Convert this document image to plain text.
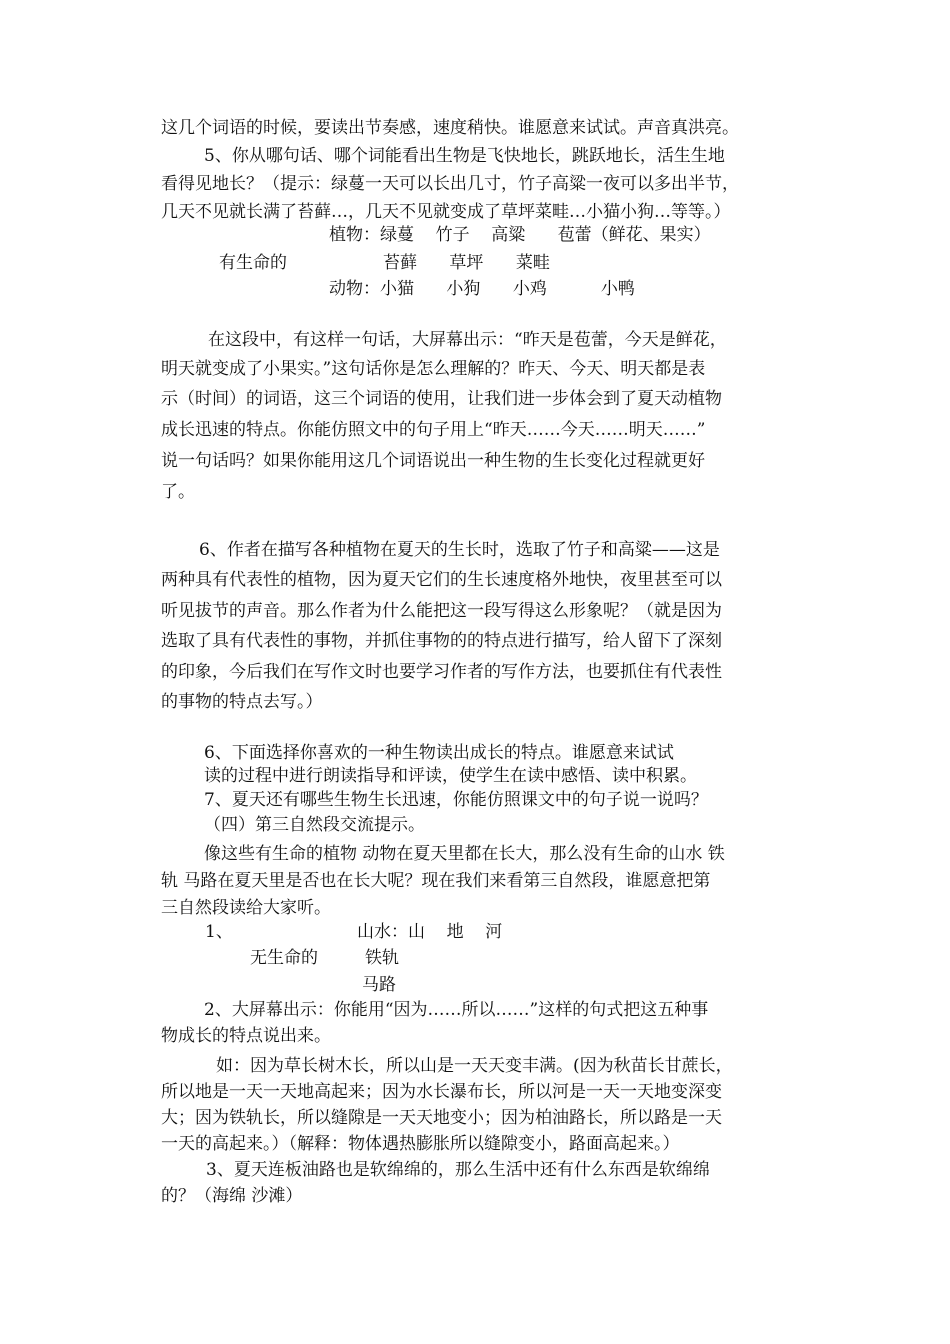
这几个词语的时候，要读出节奏感，速度稍快。谁愿意来试试。声音真洪亮。
5、你从哪句话、哪个词能看出生物是飞快地长，跳跃地长，活生生地
看得见地长？（提示：绿蔓一天可以长出几寸，竹子高粱一夜可以多出半节，
几天不见就长满了苔藓…，几天不见就变成了草坪菜畦…小猫小狗…等等。）
植物：绿蔓    竹子    高粱      苞蕾（鲜花、果实）
有生命的	苔藓      草坪      菜畦
动物：小猫      小狗      小鸡          小鸭
在这段中，有这样一句话，大屏幕出示：“昨天是苞蕾，今天是鲜花，
明天就变成了小果实。”这句话你是怎么理解的？昨天、今天、明天都是表
示（时间）的词语，这三个词语的使用，让我们进一步体会到了夏天动植物
成长迅速的特点。你能仿照文中的句子用上“昨天……今天……明天……”
说一句话吗？如果你能用这几个词语说出一种生物的生长变化过程就更好
了。
6、作者在描写各种植物在夏天的生长时，选取了竹子和高粱——这是
两种具有代表性的植物，因为夏天它们的生长速度格外地快，夜里甚至可以
听见拔节的声音。那么作者为什么能把这一段写得这么形象呢？（就是因为
选取了具有代表性的事物，并抓住事物的的特点进行描写，给人留下了深刻
的印象，今后我们在写作文时也要学习作者的写作方法，也要抓住有代表性
的事物的特点去写。）
6、下面选择你喜欢的一种生物读出成长的特点。谁愿意来试试
读的过程中进行朗读指导和评读，使学生在读中感悟、读中积累。
7、夏天还有哪些生物生长迅速，你能仿照课文中的句子说一说吗？
（四）第三自然段交流提示。
像这些有生命的植物 动物在夏天里都在长大，那么没有生命的山水 铁
轨 马路在夏天里是否也在长大呢？现在我们来看第三自然段，谁愿意把第
三自然段读给大家听。
1、	山水：山    地    河
无生命的	铁轨
马路
2、大屏幕出示：你能用“因为……所以……”这样的句式把这五种事
物成长的特点说出来。
如：因为草长树木长，所以山是一天天变丰满。(因为秋苗长甘蔗长，
所以地是一天一天地高起来；因为水长瀑布长，所以河是一天一天地变深变
大；因为铁轨长，所以缝隙是一天天地变小；因为柏油路长，所以路是一天
一天的高起来。）（解释：物体遇热膨胀所以缝隙变小，路面高起来。）
3、夏天连板油路也是软绵绵的，那么生活中还有什么东西是软绵绵
的？（海绵 沙滩）
